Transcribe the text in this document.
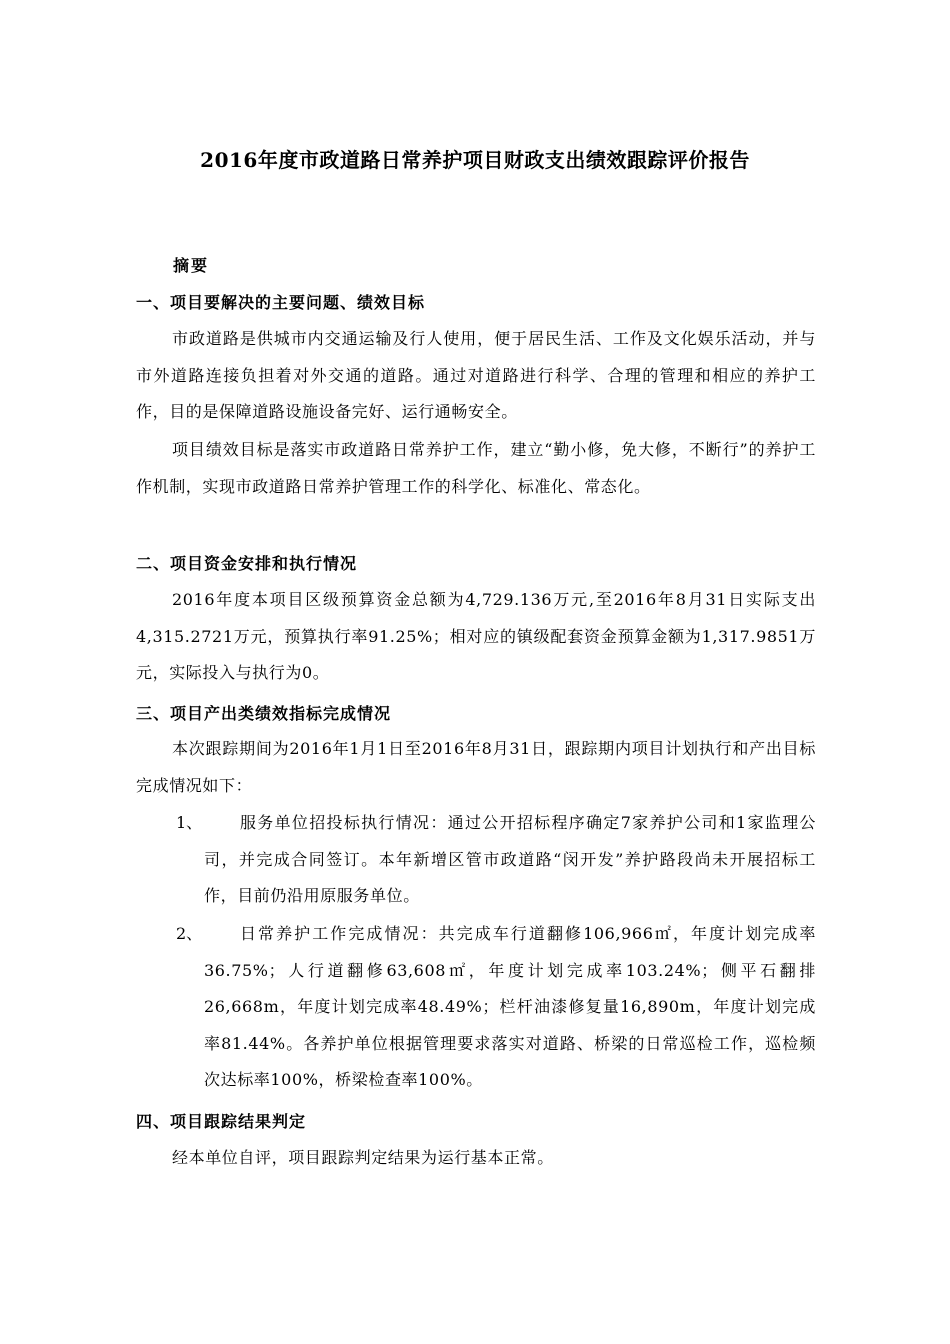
2016年度市政道路日常养护项目财政支出绩效跟踪评价报告
摘要
一、项目要解决的主要问题、绩效目标
市政道路是供城市内交通运输及行人使用，便于居民生活、工作及文化娱乐活动，并与市外道路连接负担着对外交通的道路。通过对道路进行科学、合理的管理和相应的养护工作，目的是保障道路设施设备完好、运行通畅安全。
项目绩效目标是落实市政道路日常养护工作，建立“勤小修，免大修，不断行”的养护工作机制，实现市政道路日常养护管理工作的科学化、标准化、常态化。
二、项目资金安排和执行情况
2016年度本项目区级预算资金总额为4,729.136万元,至2016年8月31日实际支出4,315.2721万元，预算执行率91.25%；相对应的镇级配套资金预算金额为1,317.9851万元，实际投入与执行为0。
三、项目产出类绩效指标完成情况
本次跟踪期间为2016年1月1日至2016年8月31日，跟踪期内项目计划执行和产出目标完成情况如下：
1、	服务单位招投标执行情况：通过公开招标程序确定7家养护公司和1家监理公司，并完成合同签订。本年新增区管市政道路“闵开发”养护路段尚未开展招标工作，目前仍沿用原服务单位。
2、	日常养护工作完成情况：共完成车行道翻修106,966㎡，年度计划完成率36.75%；人行道翻修63,608㎡，年度计划完成率103.24%；侧平石翻排26,668m，年度计划完成率48.49%；栏杆油漆修复量16,890m，年度计划完成率81.44%。各养护单位根据管理要求落实对道路、桥梁的日常巡检工作，巡检频次达标率100%，桥梁检查率100%。
四、项目跟踪结果判定
经本单位自评，项目跟踪判定结果为运行基本正常。
